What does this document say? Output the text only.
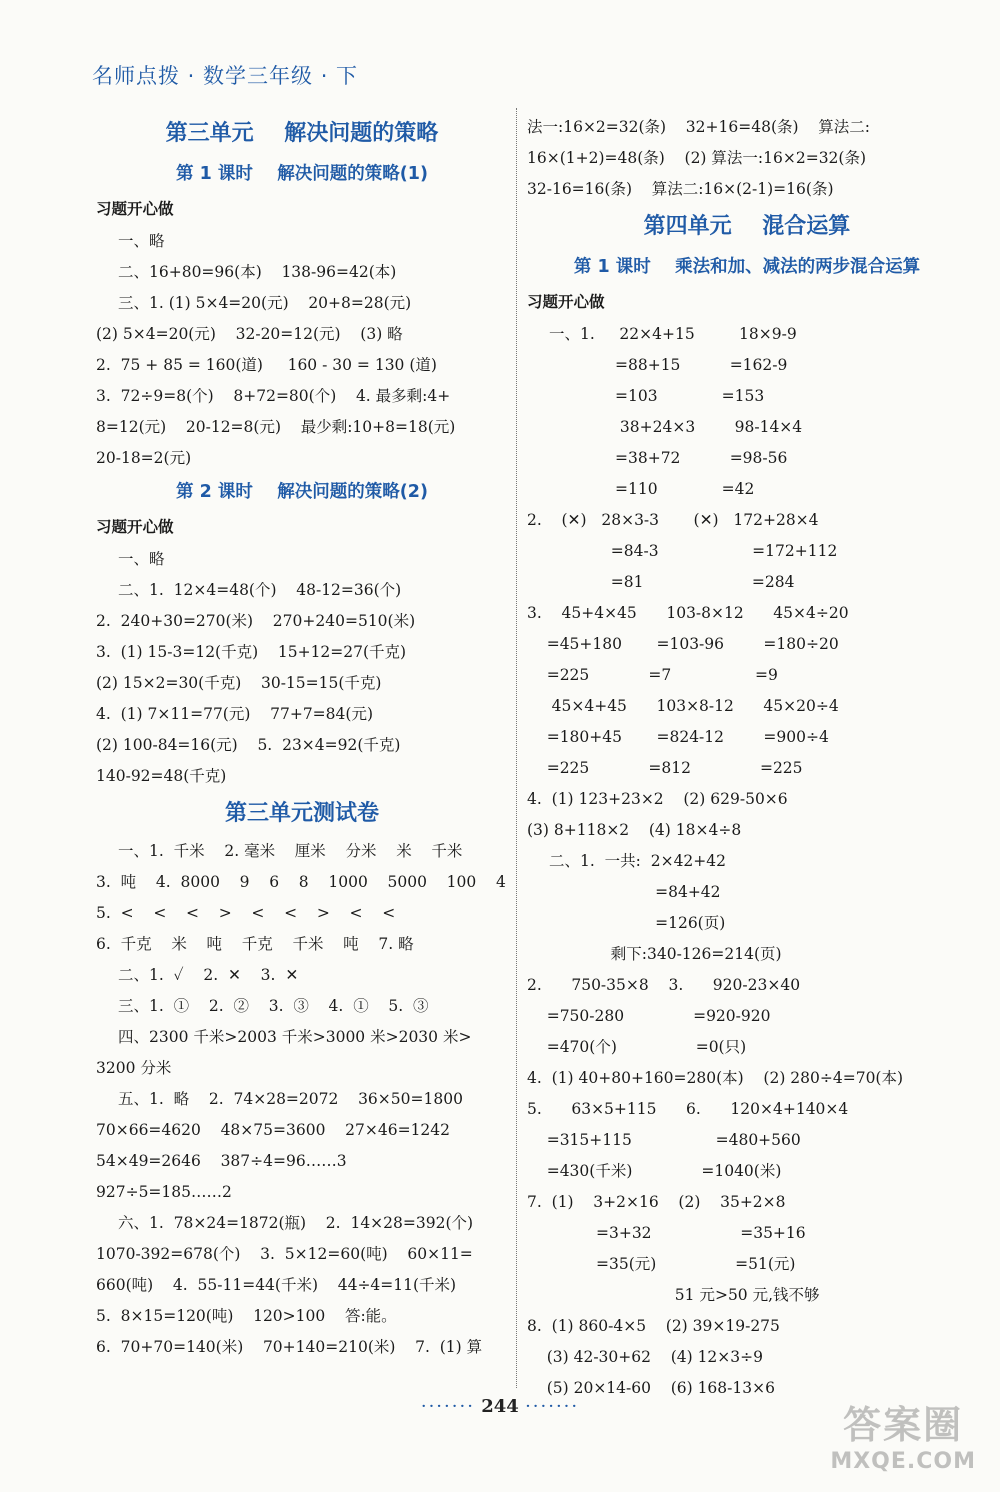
名师点拨 · 数学三年级 · 下
第三单元    解决问题的策略
第 1 课时    解决问题的策略(1)
习题开心做
一、略
二、16+80=96(本)    138-96=42(本)
三、1. (1) 5×4=20(元)    20+8=28(元)
(2) 5×4=20(元)    32-20=12(元)    (3) 略
2.  75 + 85 = 160(道)     160 - 30 = 130 (道)
3.  72÷9=8(个)    8+72=80(个)    4. 最多剩:4+
8=12(元)    20-12=8(元)    最少剩:10+8=18(元)
20-18=2(元)
第 2 课时    解决问题的策略(2)
习题开心做
一、略
二、1.  12×4=48(个)    48-12=36(个)
2.  240+30=270(米)    270+240=510(米)
3.  (1) 15-3=12(千克)    15+12=27(千克)
(2) 15×2=30(千克)    30-15=15(千克)
4.  (1) 7×11=77(元)    77+7=84(元)
(2) 100-84=16(元)    5.  23×4=92(千克)
140-92=48(千克)
第三单元测试卷
一、1.  千米    2. 毫米    厘米    分米    米    千米
3.  吨    4.  8000    9    6    8    1000    5000    100    4
5.  <    <    <    >    <    <    >    <    <
6.  千克    米    吨    千克    千米    吨    7. 略
二、1.  ✓    2.  ✕    3.  ✕
三、1.  ①    2.  ②    3.  ③    4.  ①    5.  ③
四、2300 千米>2003 千米>3000 米>2030 米>
3200 分米
五、1.  略    2.  74×28=2072    36×50=1800
70×66=4620    48×75=3600    27×46=1242
54×49=2646    387÷4=96……3
927÷5=185……2
六、1.  78×24=1872(瓶)    2.  14×28=392(个)
1070-392=678(个)    3.  5×12=60(吨)    60×11=
660(吨)    4.  55-11=44(千米)    44÷4=11(千米)
5.  8×15=120(吨)    120>100    答:能。
6.  70+70=140(米)    70+140=210(米)    7.  (1) 算
法一:16×2=32(条)    32+16=48(条)    算法二:
16×(1+2)=48(条)    (2) 算法一:16×2=32(条)
32-16=16(条)    算法二:16×(2-1)=16(条)
第四单元    混合运算
第 1 课时    乘法和加、减法的两步混合运算
习题开心做
一、1.     22×4+15         18×9-9
=88+15          =162-9
=103             =153
38+24×3        98-14×4
=38+72          =98-56
=110             =42
2.    (✕)   28×3-3       (✕)   172+28×4
=84-3                   =172+112
=81                      =284
3.    45+4×45      103-8×12      45×4÷20
=45+180       =103-96        =180÷20
=225            =7                 =9
45×4+45      103×8-12      45×20÷4
=180+45       =824-12        =900÷4
=225            =812              =225
4.  (1) 123+23×2    (2) 629-50×6
(3) 8+118×2    (4) 18×4÷8
二、1.  一共:  2×42+42
=84+42
=126(页)
剩下:340-126=214(页)
2.      750-35×8    3.      920-23×40
=750-280              =920-920
=470(个)                =0(只)
4.  (1) 40+80+160=280(本)    (2) 280÷4=70(本)
5.      63×5+115      6.      120×4+140×4
=315+115                 =480+560
=430(千米)              =1040(米)
7.  (1)    3+2×16    (2)    35+2×8
=3+32                  =35+16
=35(元)                =51(元)
51 元>50 元,钱不够
8.  (1) 860-4×5    (2) 39×19-275
(3) 42-30+62    (4) 12×3÷9
(5) 20×14-60    (6) 168-13×6
······· 244 ·······	答案圈
MXQE.COM
